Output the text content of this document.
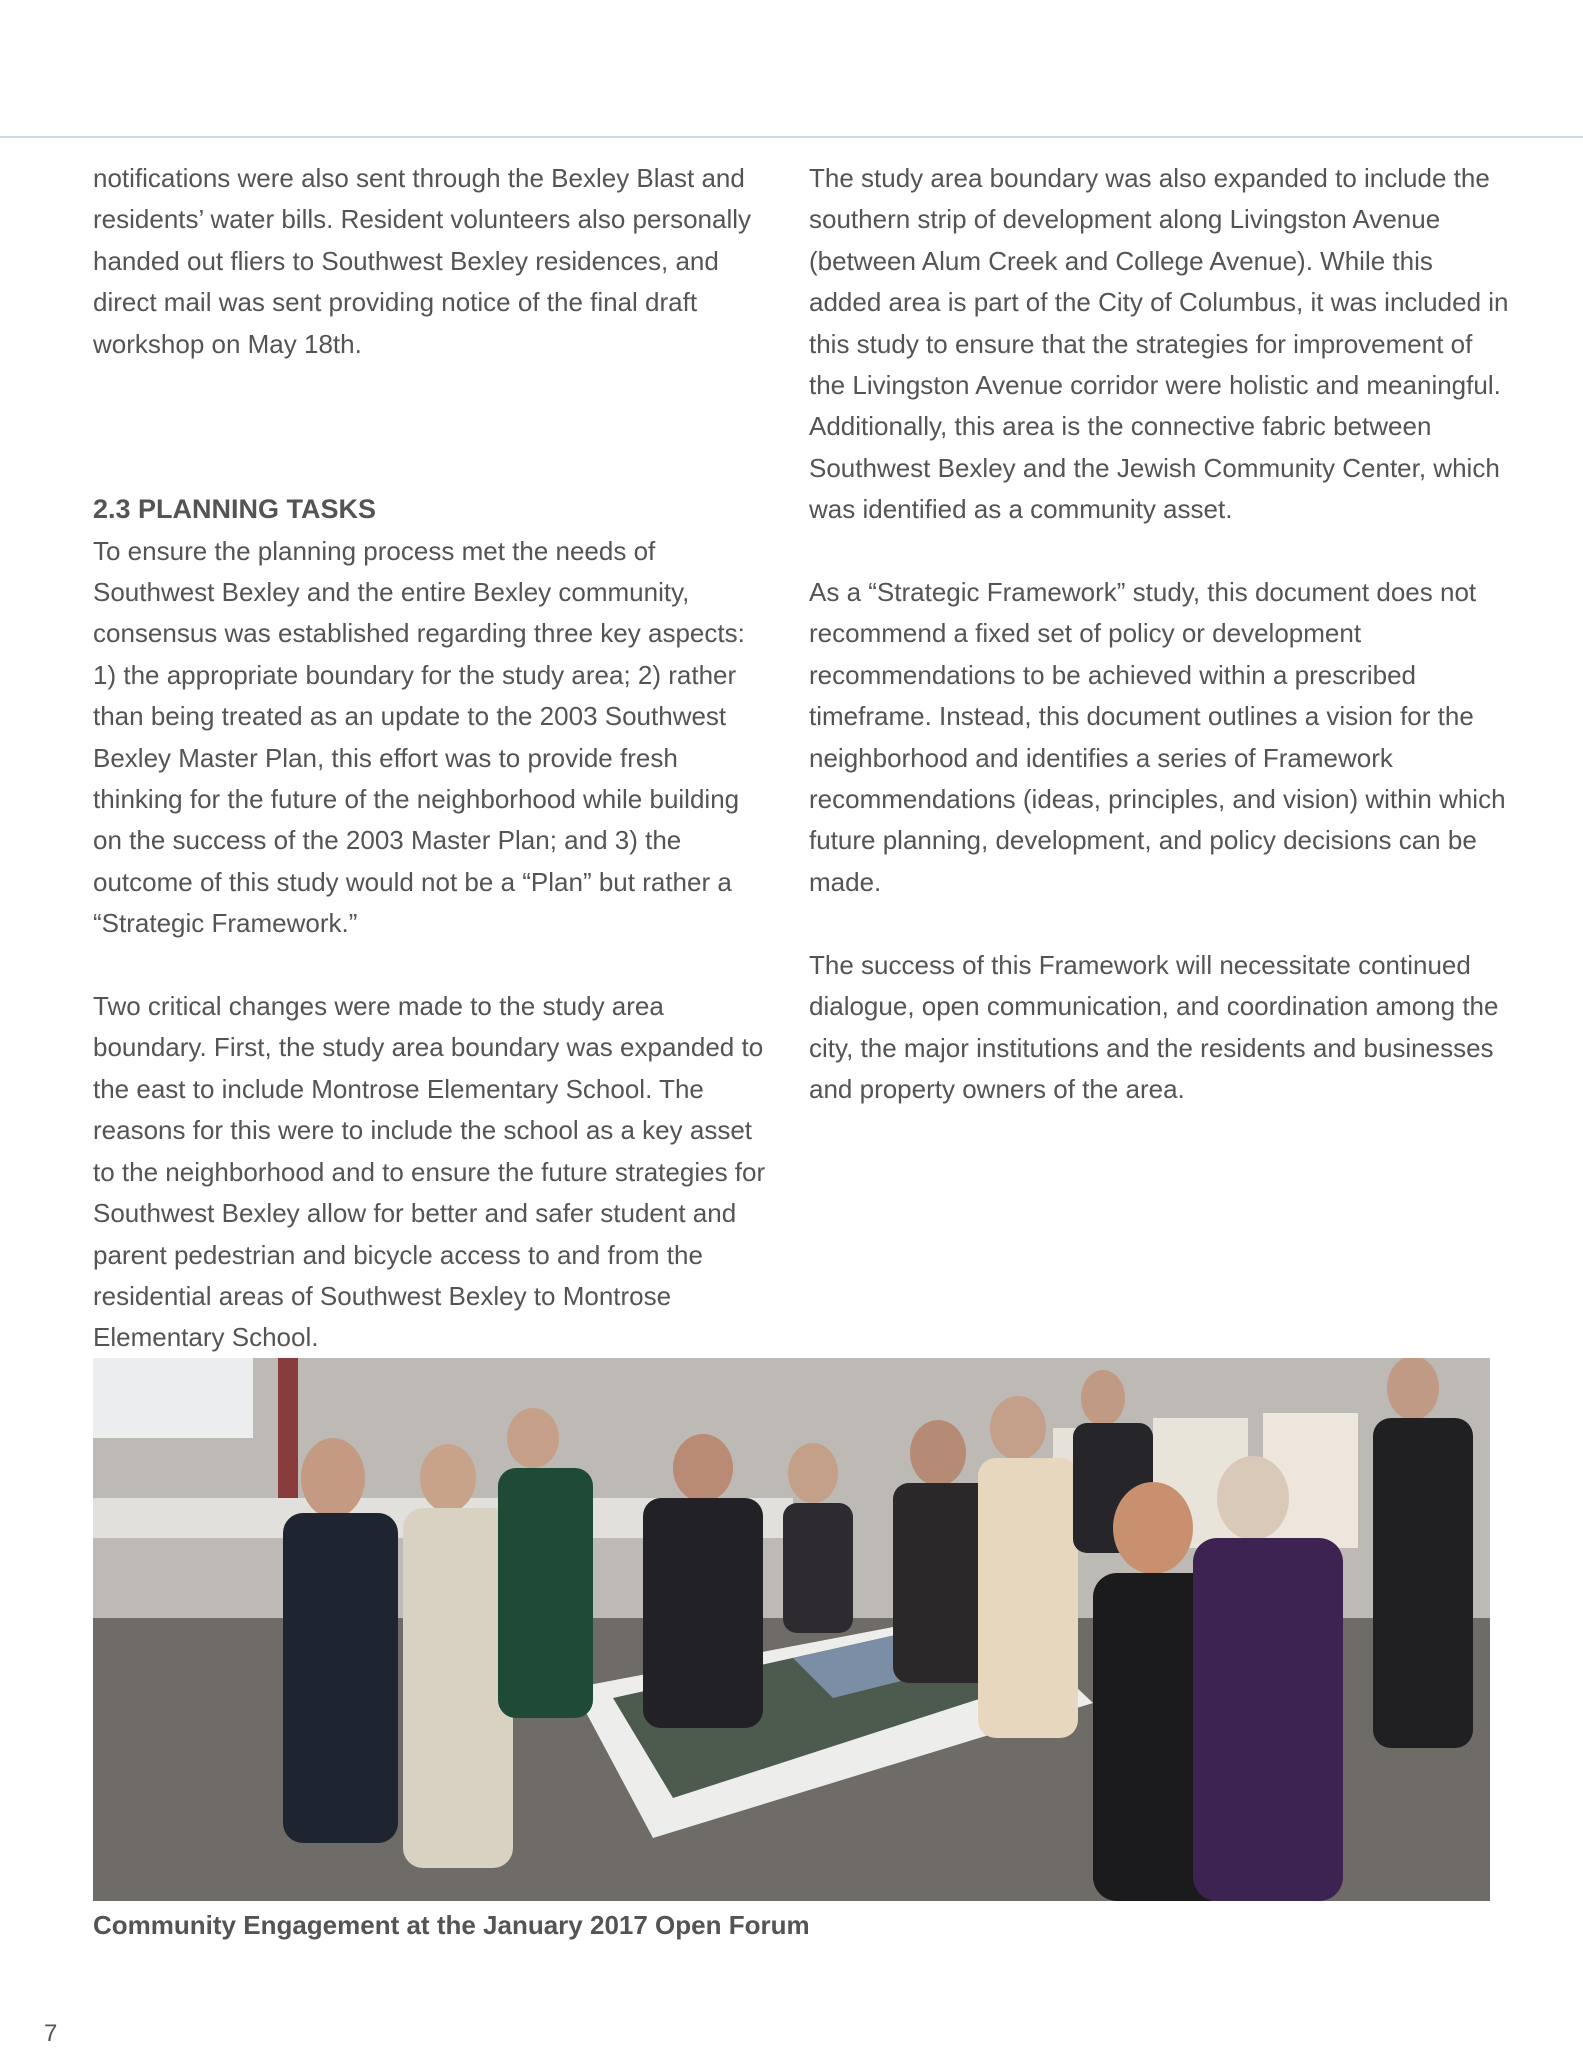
notifications were also sent through the Bexley Blast and residents’ water bills. Resident volunteers also personally handed out fliers to Southwest Bexley residences, and direct mail was sent providing notice of the final draft workshop on May 18th.

2.3 PLANNING TASKS

To ensure the planning process met the needs of Southwest Bexley and the entire Bexley community, consensus was established regarding three key aspects: 1) the appropriate boundary for the study area; 2) rather than being treated as an update to the 2003 Southwest Bexley Master Plan, this effort was to provide fresh thinking for the future of the neighborhood while building on the success of the 2003 Master Plan; and 3) the outcome of this study would not be a “Plan” but rather a “Strategic Framework.”

Two critical changes were made to the study area boundary. First, the study area boundary was expanded to the east to include Montrose Elementary School. The reasons for this were to include the school as a key asset to the neighborhood and to ensure the future strategies for Southwest Bexley allow for better and safer student and parent pedestrian and bicycle access to and from the residential areas of Southwest Bexley to Montrose Elementary School.

The study area boundary was also expanded to include the southern strip of development along Livingston Avenue (between Alum Creek and College Avenue). While this added area is part of the City of Columbus, it was included in this study to ensure that the strategies for improvement of the Livingston Avenue corridor were holistic and meaningful. Additionally, this area is the connective fabric between Southwest Bexley and the Jewish Community Center, which was identified as a community asset.

As a “Strategic Framework” study, this document does not recommend a fixed set of policy or development recommendations to be achieved within a prescribed timeframe. Instead, this document outlines a vision for the neighborhood and identifies a series of Framework recommendations (ideas, principles, and vision) within which future planning, development, and policy decisions can be made.

The success of this Framework will necessitate continued dialogue, open communication, and coordination among the city, the major institutions and the residents and businesses and property owners of the area.

Community Engagement at the January 2017 Open Forum
7
